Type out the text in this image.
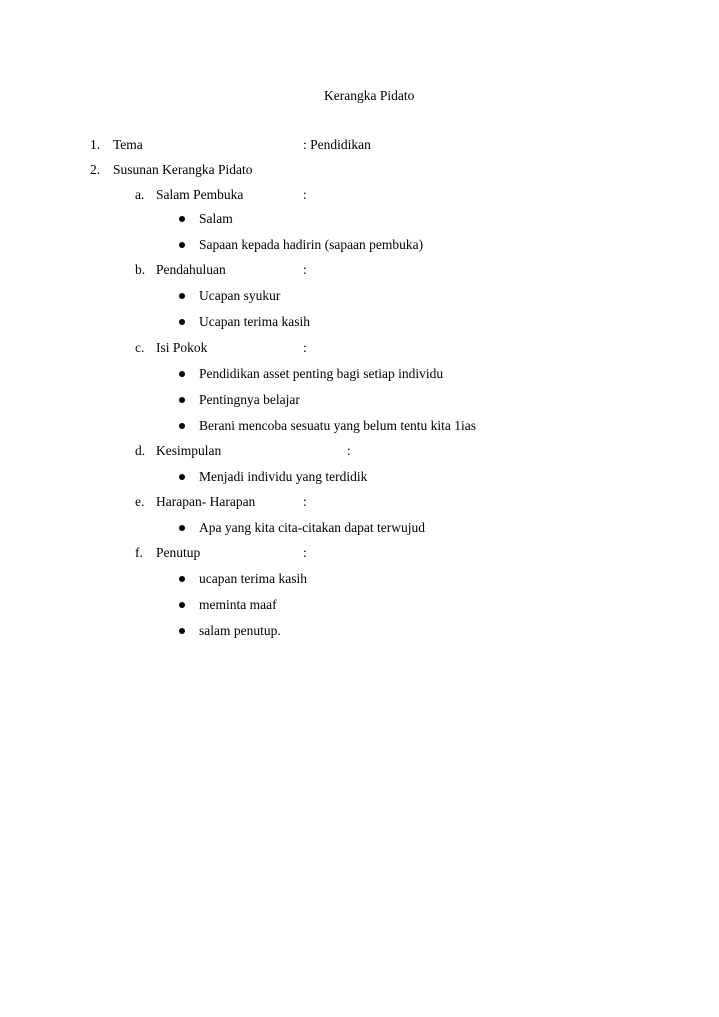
Kerangka Pidato
1. Tema	: Pendidikan
2. Susunan Kerangka Pidato
a. Salam Pembuka	:
Salam
Sapaan kepada hadirin (sapaan pembuka)
b. Pendahuluan	:
Ucapan syukur
Ucapan terima kasih
c. Isi Pokok	:
Pendidikan asset penting bagi setiap individu
Pentingnya belajar
Berani mencoba sesuatu yang belum tentu kita 1ias
d. Kesimpulan	:
Menjadi individu yang terdidik
e. Harapan- Harapan	:
Apa yang kita cita-citakan dapat terwujud
f. Penutup	:
ucapan terima kasih
meminta maaf
salam penutup.
